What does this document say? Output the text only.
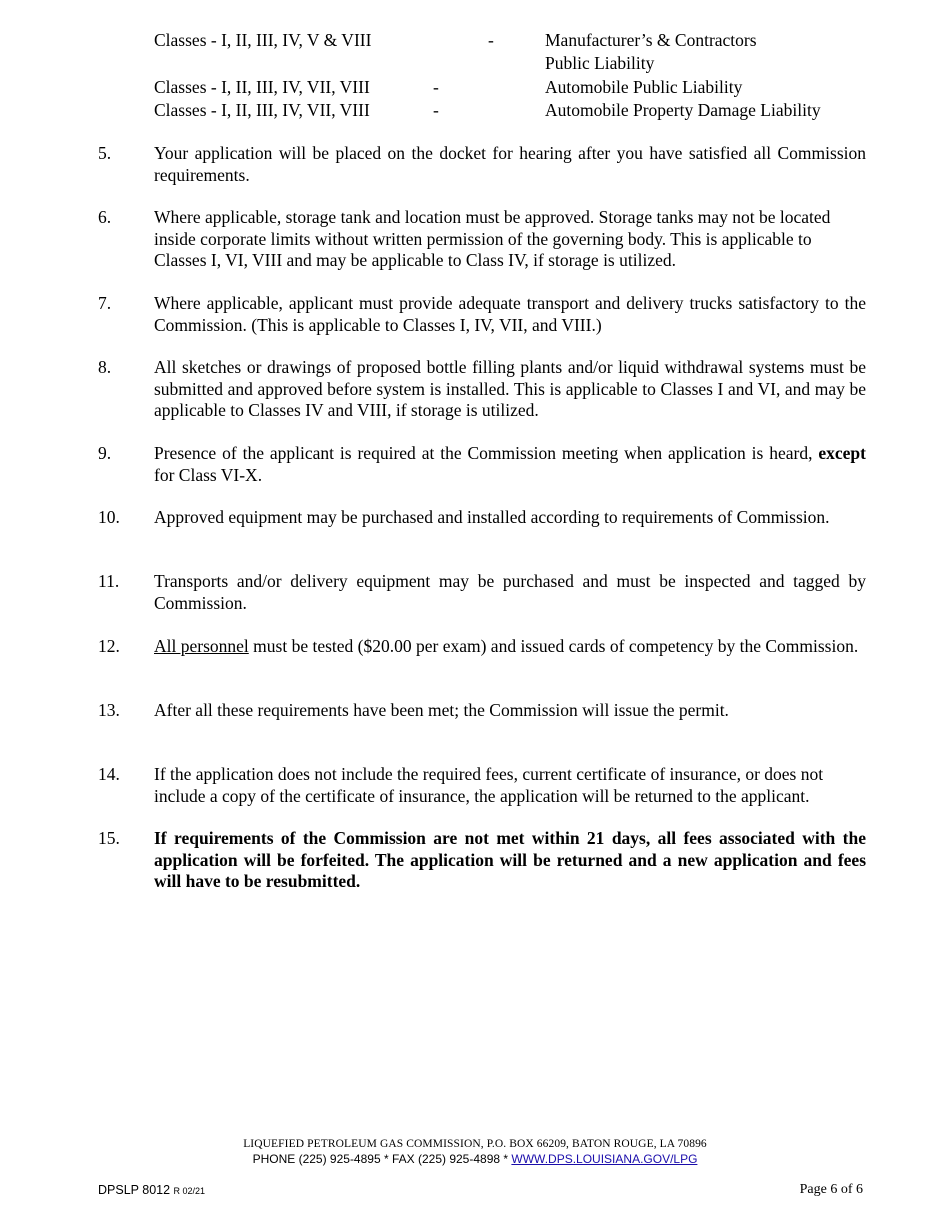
Classes - I, II, III, IV, V & VIII	-	Manufacturer’s & Contractors
Public Liability
Classes - I, II, III, IV, VII, VIII	-	Automobile Public Liability
Classes - I, II, III, IV, VII, VIII	-	Automobile Property Damage Liability
5. Your application will be placed on the docket for hearing after you have satisfied all Commission requirements.
6. Where applicable, storage tank and location must be approved. Storage tanks may not be located inside corporate limits without written permission of the governing body. This is applicable to Classes I, VI, VIII and may be applicable to Class IV, if storage is utilized.
7. Where applicable, applicant must provide adequate transport and delivery trucks satisfactory to the Commission. (This is applicable to Classes I, IV, VII, and VIII.)
8. All sketches or drawings of proposed bottle filling plants and/or liquid withdrawal systems must be submitted and approved before system is installed. This is applicable to Classes I and VI, and may be applicable to Classes IV and VIII, if storage is utilized.
9. Presence of the applicant is required at the Commission meeting when application is heard, except for Class VI-X.
10. Approved equipment may be purchased and installed according to requirements of Commission.
11. Transports and/or delivery equipment may be purchased and must be inspected and tagged by Commission.
12. All personnel must be tested ($20.00 per exam) and issued cards of competency by the Commission.
13. After all these requirements have been met; the Commission will issue the permit.
14. If the application does not include the required fees, current certificate of insurance, or does not include a copy of the certificate of insurance, the application will be returned to the applicant.
15. If requirements of the Commission are not met within 21 days, all fees associated with the application will be forfeited. The application will be returned and a new application and fees will have to be resubmitted.
LIQUEFIED PETROLEUM GAS COMMISSION, P.O. BOX 66209, BATON ROUGE, LA 70896
PHONE (225) 925-4895 * FAX (225) 925-4898 * WWW.DPS.LOUISIANA.GOV/LPG
DPSLP 8012 R 02/21	Page 6 of 6
